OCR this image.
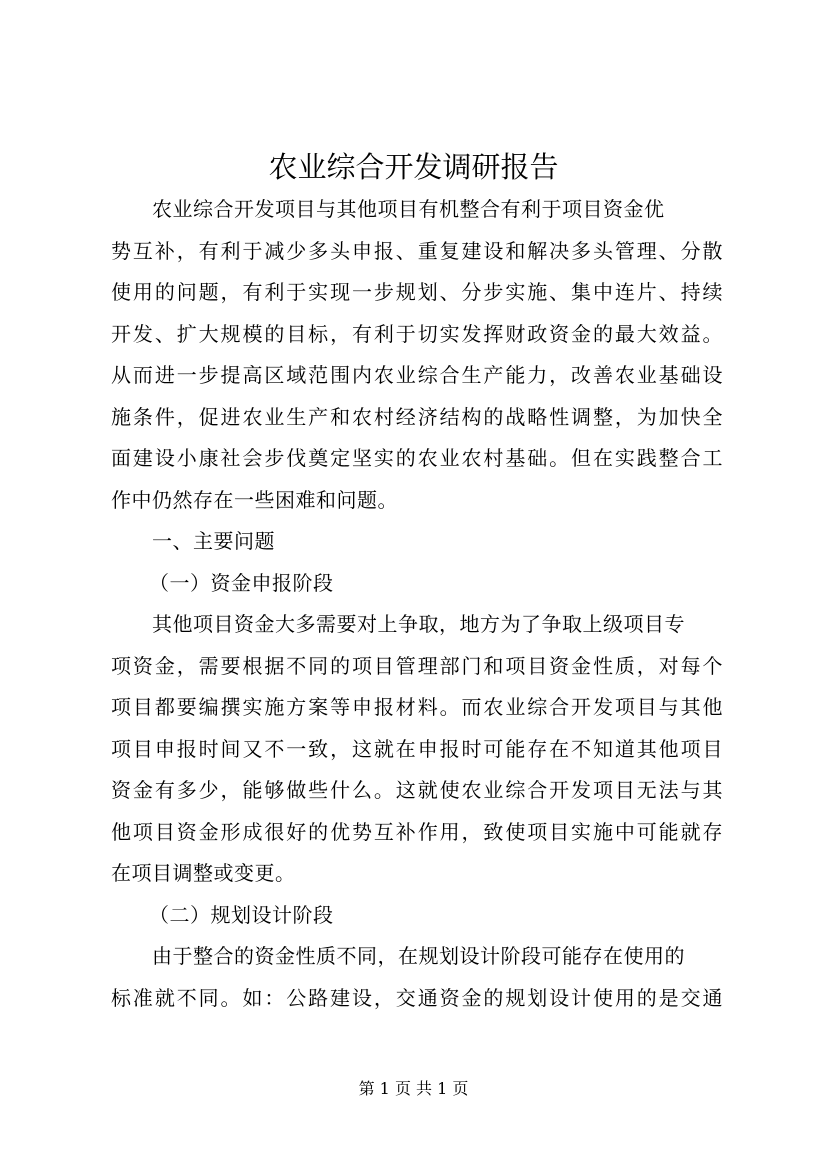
农业综合开发调研报告
农业综合开发项目与其他项目有机整合有利于项目资金优
势互补，有利于减少多头申报、重复建设和解决多头管理、分散
使用的问题，有利于实现一步规划、分步实施、集中连片、持续
开发、扩大规模的目标，有利于切实发挥财政资金的最大效益。
从而进一步提高区域范围内农业综合生产能力，改善农业基础设
施条件，促进农业生产和农村经济结构的战略性调整，为加快全
面建设小康社会步伐奠定坚实的农业农村基础。但在实践整合工
作中仍然存在一些困难和问题。
一、主要问题
（一）资金申报阶段
其他项目资金大多需要对上争取，地方为了争取上级项目专
项资金，需要根据不同的项目管理部门和项目资金性质，对每个
项目都要编撰实施方案等申报材料。而农业综合开发项目与其他
项目申报时间又不一致，这就在申报时可能存在不知道其他项目
资金有多少，能够做些什么。这就使农业综合开发项目无法与其
他项目资金形成很好的优势互补作用，致使项目实施中可能就存
在项目调整或变更。
（二）规划设计阶段
由于整合的资金性质不同，在规划设计阶段可能存在使用的
标准就不同。如：公路建设，交通资金的规划设计使用的是交通
第 1 页 共 1 页
